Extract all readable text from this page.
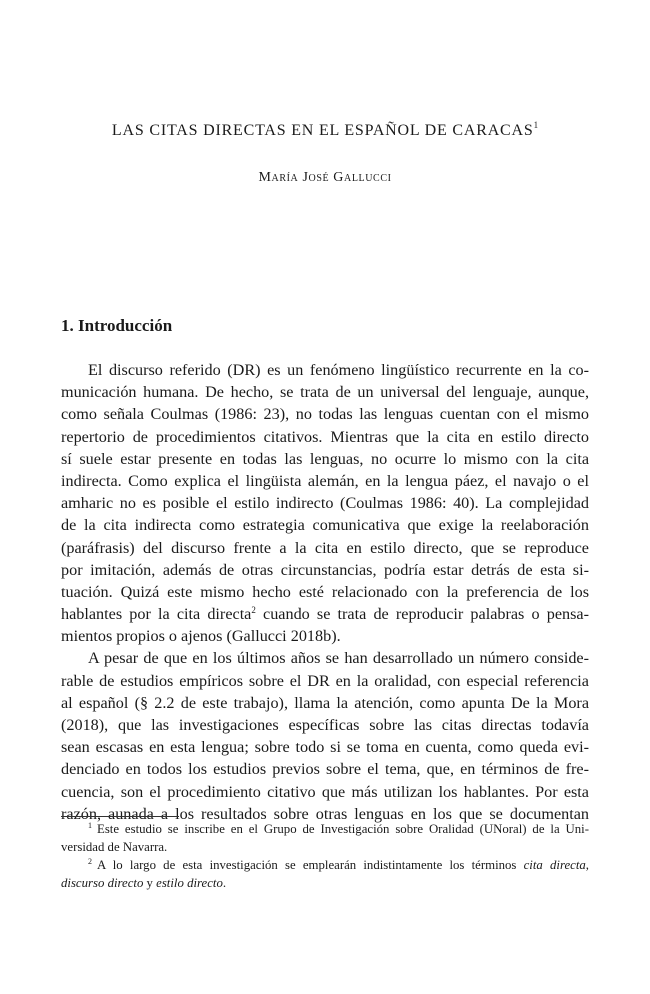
LAS CITAS DIRECTAS EN EL ESPAÑOL DE CARACAS$^1$

María José Gallucci

1. Introducción
El discurso referido (DR) es un fenómeno lingüístico recurrente en la co-
municación humana. De hecho, se trata de un universal del lenguaje, aunque,
como señala Coulmas (1986: 23), no todas las lenguas cuentan con el mismo
repertorio de procedimientos citativos. Mientras que la cita en estilo directo
sí suele estar presente en todas las lenguas, no ocurre lo mismo con la cita
indirecta. Como explica el lingüista alemán, en la lengua páez, el navajo o el
amharic no es posible el estilo indirecto (Coulmas 1986: 40). La complejidad
de la cita indirecta como estrategia comunicativa que exige la reelaboración
(paráfrasis) del discurso frente a la cita en estilo directo, que se reproduce
por imitación, además de otras circunstancias, podría estar detrás de esta si-
tuación. Quizá este mismo hecho esté relacionado con la preferencia de los
hablantes por la cita directa$^2$ cuando se trata de reproducir palabras o pensa-
mientos propios o ajenos (Gallucci 2018b).
A pesar de que en los últimos años se han desarrollado un número conside-
rable de estudios empíricos sobre el DR en la oralidad, con especial referencia
al español (§ 2.2 de este trabajo), llama la atención, como apunta De la Mora
(2018), que las investigaciones específicas sobre las citas directas todavía
sean escasas en esta lengua; sobre todo si se toma en cuenta, como queda evi-
denciado en todos los estudios previos sobre el tema, que, en términos de fre-
cuencia, son el procedimiento citativo que más utilizan los hablantes. Por esta
razón, aunada a los resultados sobre otras lenguas en los que se documentan
$^1$ Este estudio se inscribe en el Grupo de Investigación sobre Oralidad (UNoral) de la Uni-
versidad de Navarra.
$^2$ A lo largo de esta investigación se emplearán indistintamente los términos cita directa,
discurso directo y estilo directo.
